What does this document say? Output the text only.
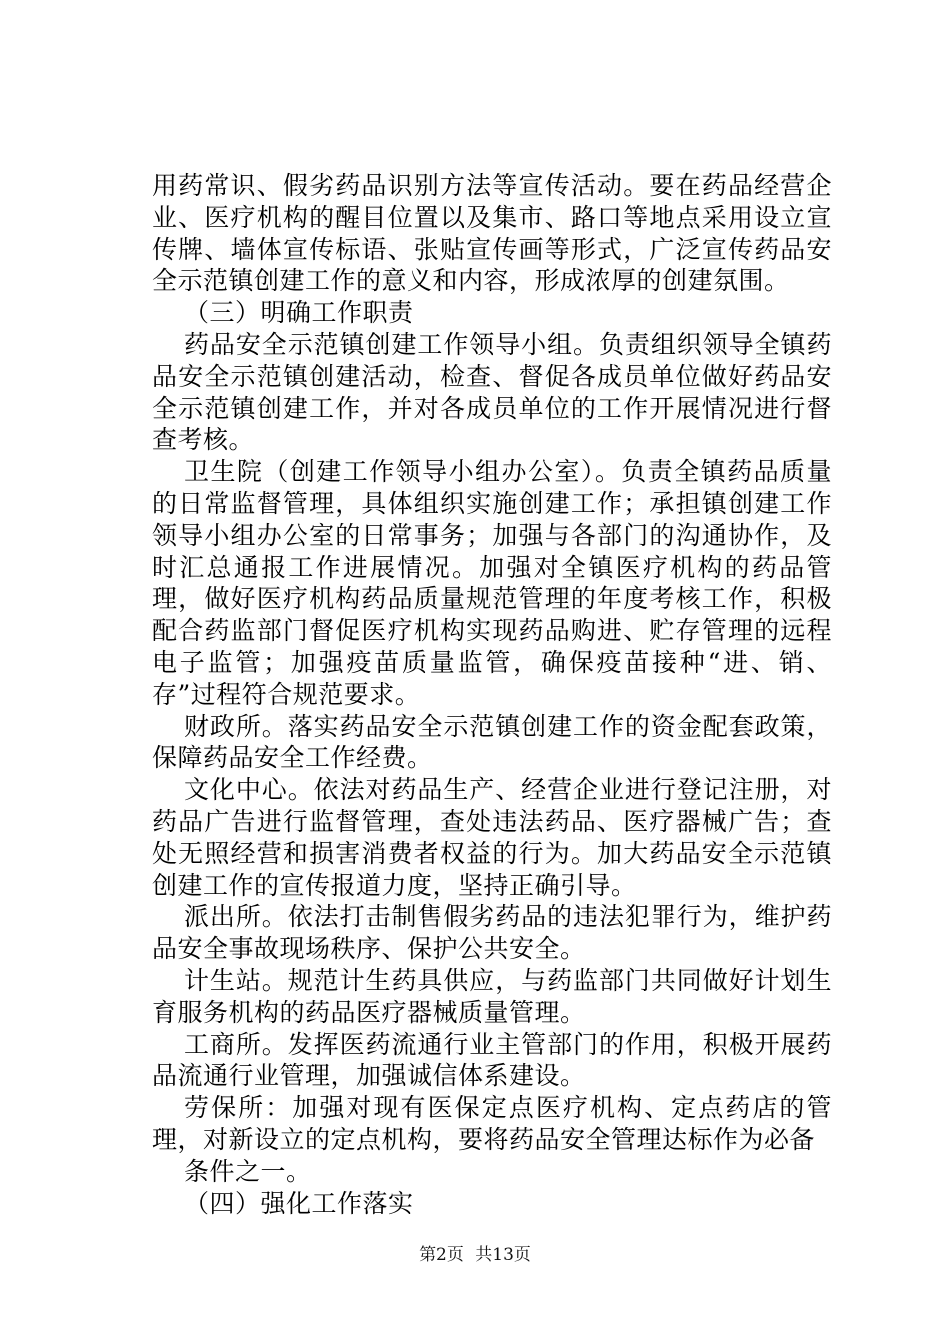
用药常识、假劣药品识别方法等宣传活动。要在药品经营企业、医疗机构的醒目位置以及集市、路口等地点采用设立宣传牌、墙体宣传标语、张贴宣传画等形式，广泛宣传药品安全示范镇创建工作的意义和内容，形成浓厚的创建氛围。

（三）明确工作职责

药品安全示范镇创建工作领导小组。负责组织领导全镇药品安全示范镇创建活动，检查、督促各成员单位做好药品安全示范镇创建工作，并对各成员单位的工作开展情况进行督查考核。

卫生院（创建工作领导小组办公室）。负责全镇药品质量的日常监督管理，具体组织实施创建工作；承担镇创建工作领导小组办公室的日常事务；加强与各部门的沟通协作，及时汇总通报工作进展情况。加强对全镇医疗机构的药品管理，做好医疗机构药品质量规范管理的年度考核工作，积极配合药监部门督促医疗机构实现药品购进、贮存管理的远程电子监管；加强疫苗质量监管，确保疫苗接种“进、销、存”过程符合规范要求。

财政所。落实药品安全示范镇创建工作的资金配套政策，保障药品安全工作经费。

文化中心。依法对药品生产、经营企业进行登记注册，对药品广告进行监督管理，查处违法药品、医疗器械广告；查处无照经营和损害消费者权益的行为。加大药品安全示范镇创建工作的宣传报道力度，坚持正确引导。

派出所。依法打击制售假劣药品的违法犯罪行为，维护药品安全事故现场秩序、保护公共安全。

计生站。规范计生药具供应，与药监部门共同做好计划生育服务机构的药品医疗器械质量管理。

工商所。发挥医药流通行业主管部门的作用，积极开展药品流通行业管理，加强诚信体系建设。

劳保所：加强对现有医保定点医疗机构、定点药店的管理，对新设立的定点机构，要将药品安全管理达标作为必备

条件之一。

（四）强化工作落实

第2页 共13页
